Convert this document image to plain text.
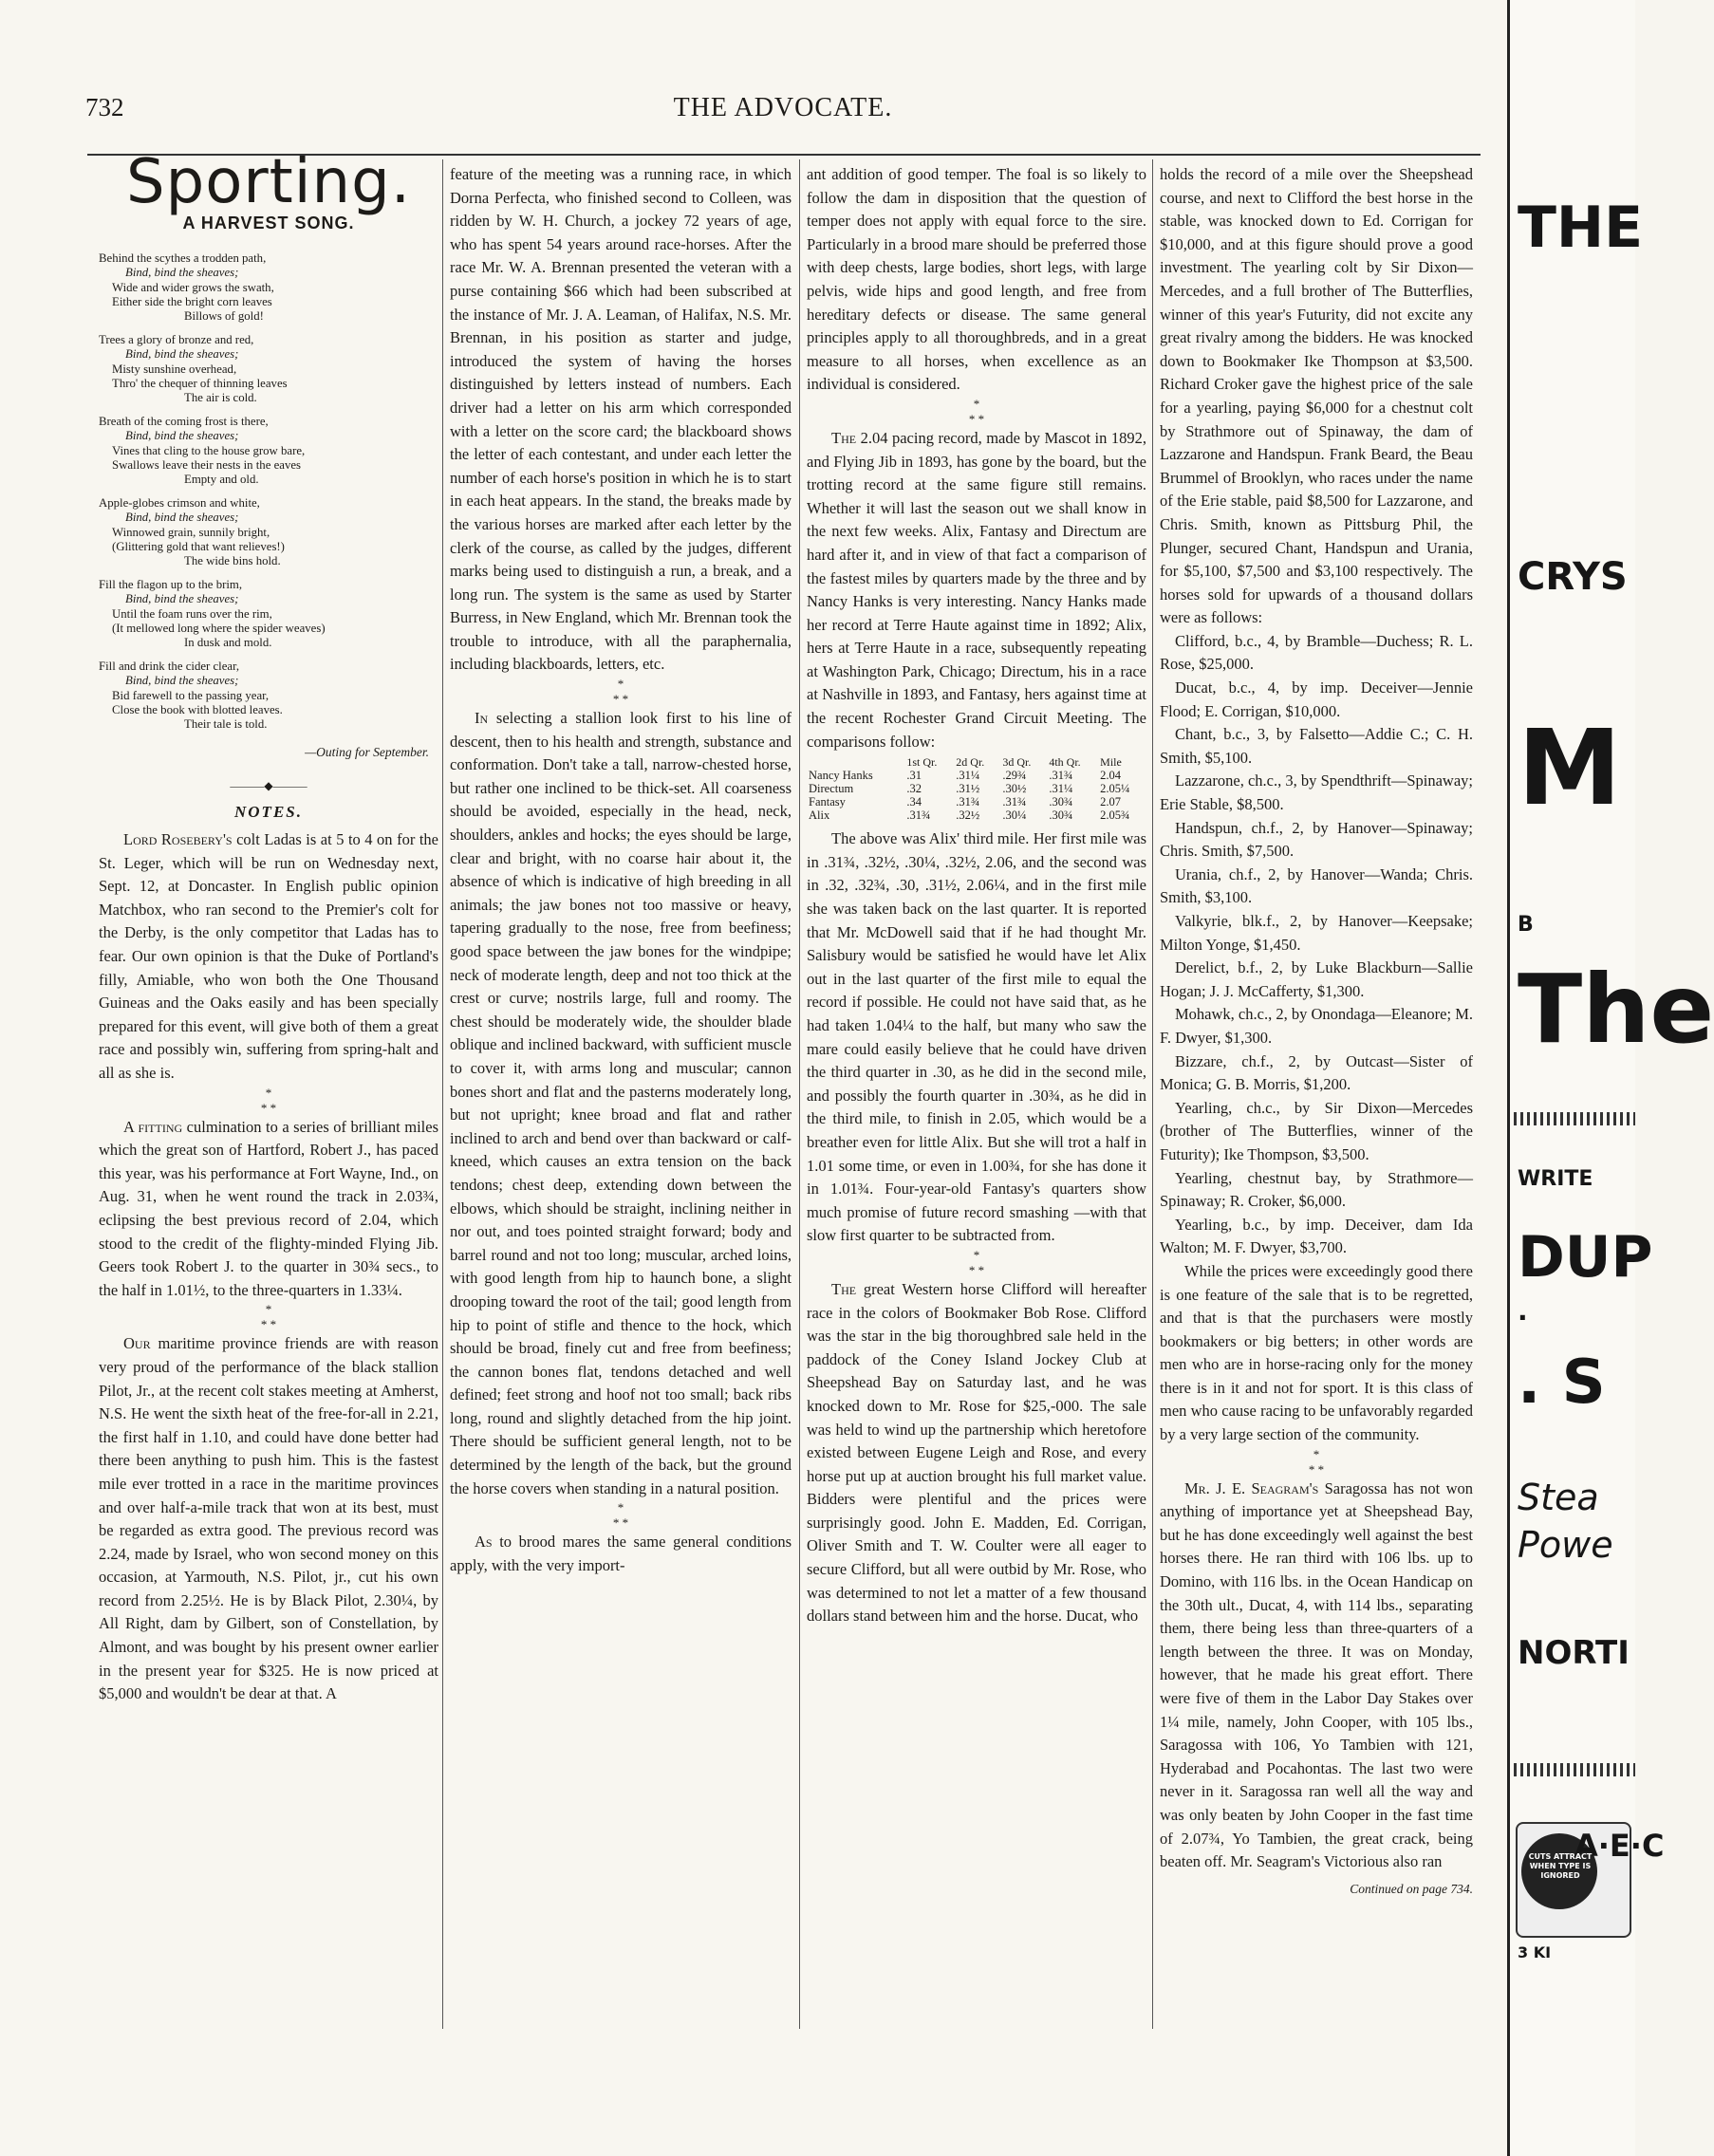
732	THE ADVOCATE.
Sporting.
A HARVEST SONG.
Behind the scythes a trodden path,
Bind, bind the sheaves;
Wide and wider grows the swath,
Either side the bright corn leaves
Billows of gold!
Trees a glory of bronze and red,
Bind, bind the sheaves;
Misty sunshine overhead,
Thro' the chequer of thinning leaves
The air is cold.
Breath of the coming frost is there,
Bind, bind the sheaves;
Vines that cling to the house grow bare,
Swallows leave their nests in the eaves
Empty and old.
Apple-globes crimson and white,
Bind, bind the sheaves;
Winnowed grain, sunnily bright,
(Glittering gold that want relieves!)
The wide bins hold.
Fill the flagon up to the brim,
Bind, bind the sheaves;
Until the foam runs over the rim,
(It mellowed long where the spider weaves)
In dusk and mold.
Fill and drink the cider clear,
Bind, bind the sheaves;
Bid farewell to the passing year,
Close the book with blotted leaves.
Their tale is told.
—Outing for September.
———◆———
NOTES.

Lord Rosebery's colt Ladas is at 5 to 4 on for the St. Leger, which will be run on Wednesday next, Sept. 12, at Doncaster. In English public opinion Matchbox, who ran second to the Premier's colt for the Derby, is the only competitor that Ladas has to fear. Our own opinion is that the Duke of Portland's filly, Amiable, who won both the One Thousand Guineas and the Oaks easily and has been specially prepared for this event, will give both of them a great race and possibly win, suffering from spring-halt and all as she is.

*
* *

A fitting culmination to a series of brilliant miles which the great son of Hartford, Robert J., has paced this year, was his performance at Fort Wayne, Ind., on Aug. 31, when he went round the track in 2.03¾, eclipsing the best previous record of 2.04, which stood to the credit of the flighty-minded Flying Jib. Geers took Robert J. to the quarter in 30¾ secs., to the half in 1.01½, to the three-quarters in 1.33¼.

*
* *

Our maritime province friends are with reason very proud of the performance of the black stallion Pilot, Jr., at the recent colt stakes meeting at Amherst, N.S. He went the sixth heat of the free-for-all in 2.21, the first half in 1.10, and could have done better had there been anything to push him. This is the fastest mile ever trotted in a race in the maritime provinces and over half-a-mile track that won at its best, must be regarded as extra good. The previous record was 2.24, made by Israel, who won second money on this occasion, at Yarmouth, N.S. Pilot, jr., cut his own record from 2.25½. He is by Black Pilot, 2.30¼, by All Right, dam by Gilbert, son of Constellation, by Almont, and was bought by his present owner earlier in the present year for $325. He is now priced at $5,000 and wouldn't be dear at that. A

feature of the meeting was a running race, in which Dorna Perfecta, who finished second to Colleen, was ridden by W. H. Church, a jockey 72 years of age, who has spent 54 years around race-horses. After the race Mr. W. A. Brennan presented the veteran with a purse containing $66 which had been subscribed at the instance of Mr. J. A. Leaman, of Halifax, N.S. Mr. Brennan, in his position as starter and judge, introduced the system of having the horses distinguished by letters instead of numbers. Each driver had a letter on his arm which corresponded with a letter on the score card; the blackboard shows the letter of each contestant, and under each letter the number of each horse's position in which he is to start in each heat appears. In the stand, the breaks made by the various horses are marked after each letter by the clerk of the course, as called by the judges, different marks being used to distinguish a run, a break, and a long run. The system is the same as used by Starter Burress, in New England, which Mr. Brennan took the trouble to introduce, with all the paraphernalia, including blackboards, letters, etc.

*
* *

In selecting a stallion look first to his line of descent, then to his health and strength, substance and conformation. Don't take a tall, narrow-chested horse, but rather one inclined to be thick-set. All coarseness should be avoided, especially in the head, neck, shoulders, ankles and hocks; the eyes should be large, clear and bright, with no coarse hair about it, the absence of which is indicative of high breeding in all animals; the jaw bones not too massive or heavy, tapering gradually to the nose, free from beefiness; good space between the jaw bones for the windpipe; neck of moderate length, deep and not too thick at the crest or curve; nostrils large, full and roomy. The chest should be moderately wide, the shoulder blade oblique and inclined backward, with sufficient muscle to cover it, with arms long and muscular; cannon bones short and flat and the pasterns moderately long, but not upright; knee broad and flat and rather inclined to arch and bend over than backward or calf-kneed, which causes an extra tension on the back tendons; chest deep, extending down between the elbows, which should be straight, inclining neither in nor out, and toes pointed straight forward; body and barrel round and not too long; muscular, arched loins, with good length from hip to haunch bone, a slight drooping toward the root of the tail; good length from hip to point of stifle and thence to the hock, which should be broad, finely cut and free from beefiness; the cannon bones flat, tendons detached and well defined; feet strong and hoof not too small; back ribs long, round and slightly detached from the hip joint. There should be sufficient general length, not to be determined by the length of the back, but the ground the horse covers when standing in a natural position.

*
* *

As to brood mares the same general conditions apply, with the very import-

ant addition of good temper. The foal is so likely to follow the dam in disposition that the question of temper does not apply with equal force to the sire. Particularly in a brood mare should be preferred those with deep chests, large bodies, short legs, with large pelvis, wide hips and good length, and free from hereditary defects or disease. The same general principles apply to all thoroughbreds, and in a great measure to all horses, when excellence as an individual is considered.

*
* *

The 2.04 pacing record, made by Mascot in 1892, and Flying Jib in 1893, has gone by the board, but the trotting record at the same figure still remains. Whether it will last the season out we shall know in the next few weeks. Alix, Fantasy and Directum are hard after it, and in view of that fact a comparison of the fastest miles by quarters made by the three and by Nancy Hanks is very interesting. Nancy Hanks made her record at Terre Haute against time in 1892; Alix, hers at Terre Haute in a race, subsequently repeating at Washington Park, Chicago; Directum, his in a race at Nashville in 1893, and Fantasy, hers against time at the recent Rochester Grand Circuit Meeting. The comparisons follow:

	1st Qr.	2d Qr.	3d Qr.	4th Qr.	Mile
Nancy Hanks	.31	.31¼	.29¾	.31¾	2.04
Directum	.32	.31½	.30½	.31¼	2.05¼
Fantasy	.34	.31¾	.31¾	.30¾	2.07
Alix	.31¾	.32½	.30¼	.30¾	2.05¾

The above was Alix' third mile. Her first mile was in .31¾, .32½, .30¼, .32½, 2.06, and the second was in .32, .32¾, .30, .31½, 2.06¼, and in the first mile she was taken back on the last quarter. It is reported that Mr. McDowell said that if he had thought Mr. Salisbury would be satisfied he would have let Alix out in the last quarter of the first mile to equal the record if possible. He could not have said that, as he had taken 1.04¼ to the half, but many who saw the mare could easily believe that he could have driven the third quarter in .30, as he did in the second mile, and possibly the fourth quarter in .30¾, as he did in the third mile, to finish in 2.05, which would be a breather even for little Alix. But she will trot a half in 1.01 some time, or even in 1.00¾, for she has done it in 1.01¾. Four-year-old Fantasy's quarters show much promise of future record smashing —with that slow first quarter to be subtracted from.

*
* *

The great Western horse Clifford will hereafter race in the colors of Bookmaker Bob Rose. Clifford was the star in the big thoroughbred sale held in the paddock of the Coney Island Jockey Club at Sheepshead Bay on Saturday last, and he was knocked down to Mr. Rose for $25,-000. The sale was held to wind up the partnership which heretofore existed between Eugene Leigh and Rose, and every horse put up at auction brought his full market value. Bidders were plentiful and the prices were surprisingly good. John E. Madden, Ed. Corrigan, Oliver Smith and T. W. Coulter were all eager to secure Clifford, but all were outbid by Mr. Rose, who was determined to not let a matter of a few thousand dollars stand between him and the horse. Ducat, who

holds the record of a mile over the Sheepshead course, and next to Clifford the best horse in the stable, was knocked down to Ed. Corrigan for $10,000, and at this figure should prove a good investment. The yearling colt by Sir Dixon—Mercedes, and a full brother of The Butterflies, winner of this year's Futurity, did not excite any great rivalry among the bidders. He was knocked down to Bookmaker Ike Thompson at $3,500. Richard Croker gave the highest price of the sale for a yearling, paying $6,000 for a chestnut colt by Strathmore out of Spinaway, the dam of Lazzarone and Handspun. Frank Beard, the Beau Brummel of Brooklyn, who races under the name of the Erie stable, paid $8,500 for Lazzarone, and Chris. Smith, known as Pittsburg Phil, the Plunger, secured Chant, Handspun and Urania, for $5,100, $7,500 and $3,100 respectively. The horses sold for upwards of a thousand dollars were as follows:

Clifford, b.c., 4, by Bramble—Duchess; R. L. Rose, $25,000.

Ducat, b.c., 4, by imp. Deceiver—Jennie Flood; E. Corrigan, $10,000.

Chant, b.c., 3, by Falsetto—Addie C.; C. H. Smith, $5,100.

Lazzarone, ch.c., 3, by Spendthrift—Spinaway; Erie Stable, $8,500.

Handspun, ch.f., 2, by Hanover—Spinaway; Chris. Smith, $7,500.

Urania, ch.f., 2, by Hanover—Wanda; Chris. Smith, $3,100.

Valkyrie, blk.f., 2, by Hanover—Keepsake; Milton Yonge, $1,450.

Derelict, b.f., 2, by Luke Blackburn—Sallie Hogan; J. J. McCafferty, $1,300.

Mohawk, ch.c., 2, by Onondaga—Eleanore; M. F. Dwyer, $1,300.

Bizzare, ch.f., 2, by Outcast—Sister of Monica; G. B. Morris, $1,200.

Yearling, ch.c., by Sir Dixon—Mercedes (brother of The Butterflies, winner of the Futurity); Ike Thompson, $3,500.

Yearling, chestnut bay, by Strathmore—Spinaway; R. Croker, $6,000.

Yearling, b.c., by imp. Deceiver, dam Ida Walton; M. F. Dwyer, $3,700.

While the prices were exceedingly good there is one feature of the sale that is to be regretted, and that is that the purchasers were mostly bookmakers or big betters; in other words are men who are in horse-racing only for the money there is in it and not for sport. It is this class of men who cause racing to be unfavorably regarded by a very large section of the community.

*
* *

Mr. J. E. Seagram's Saragossa has not won anything of importance yet at Sheepshead Bay, but he has done exceedingly well against the best horses there. He ran third with 106 lbs. up to Domino, with 116 lbs. in the Ocean Handicap on the 30th ult., Ducat, 4, with 114 lbs., separating them, there being less than three-quarters of a length between the three. It was on Monday, however, that he made his great effort. There were five of them in the Labor Day Stakes over 1¼ mile, namely, John Cooper, with 105 lbs., Saragossa with 106, Yo Tambien with 121, Hyderabad and Pocahontas. The last two were never in it. Saragossa ran well all the way and was only beaten by John Cooper in the fast time of 2.07¾, Yo Tambien, the great crack, being beaten off. Mr. Seagram's Victorious also ran

Continued on page 734.
THE
CRYS
M
B
The
WRITE
DUP
.
. S
Stea
Powe
NORTI
A·E·C
CUTS ATTRACT WHEN TYPE IS IGNORED
3 KI
